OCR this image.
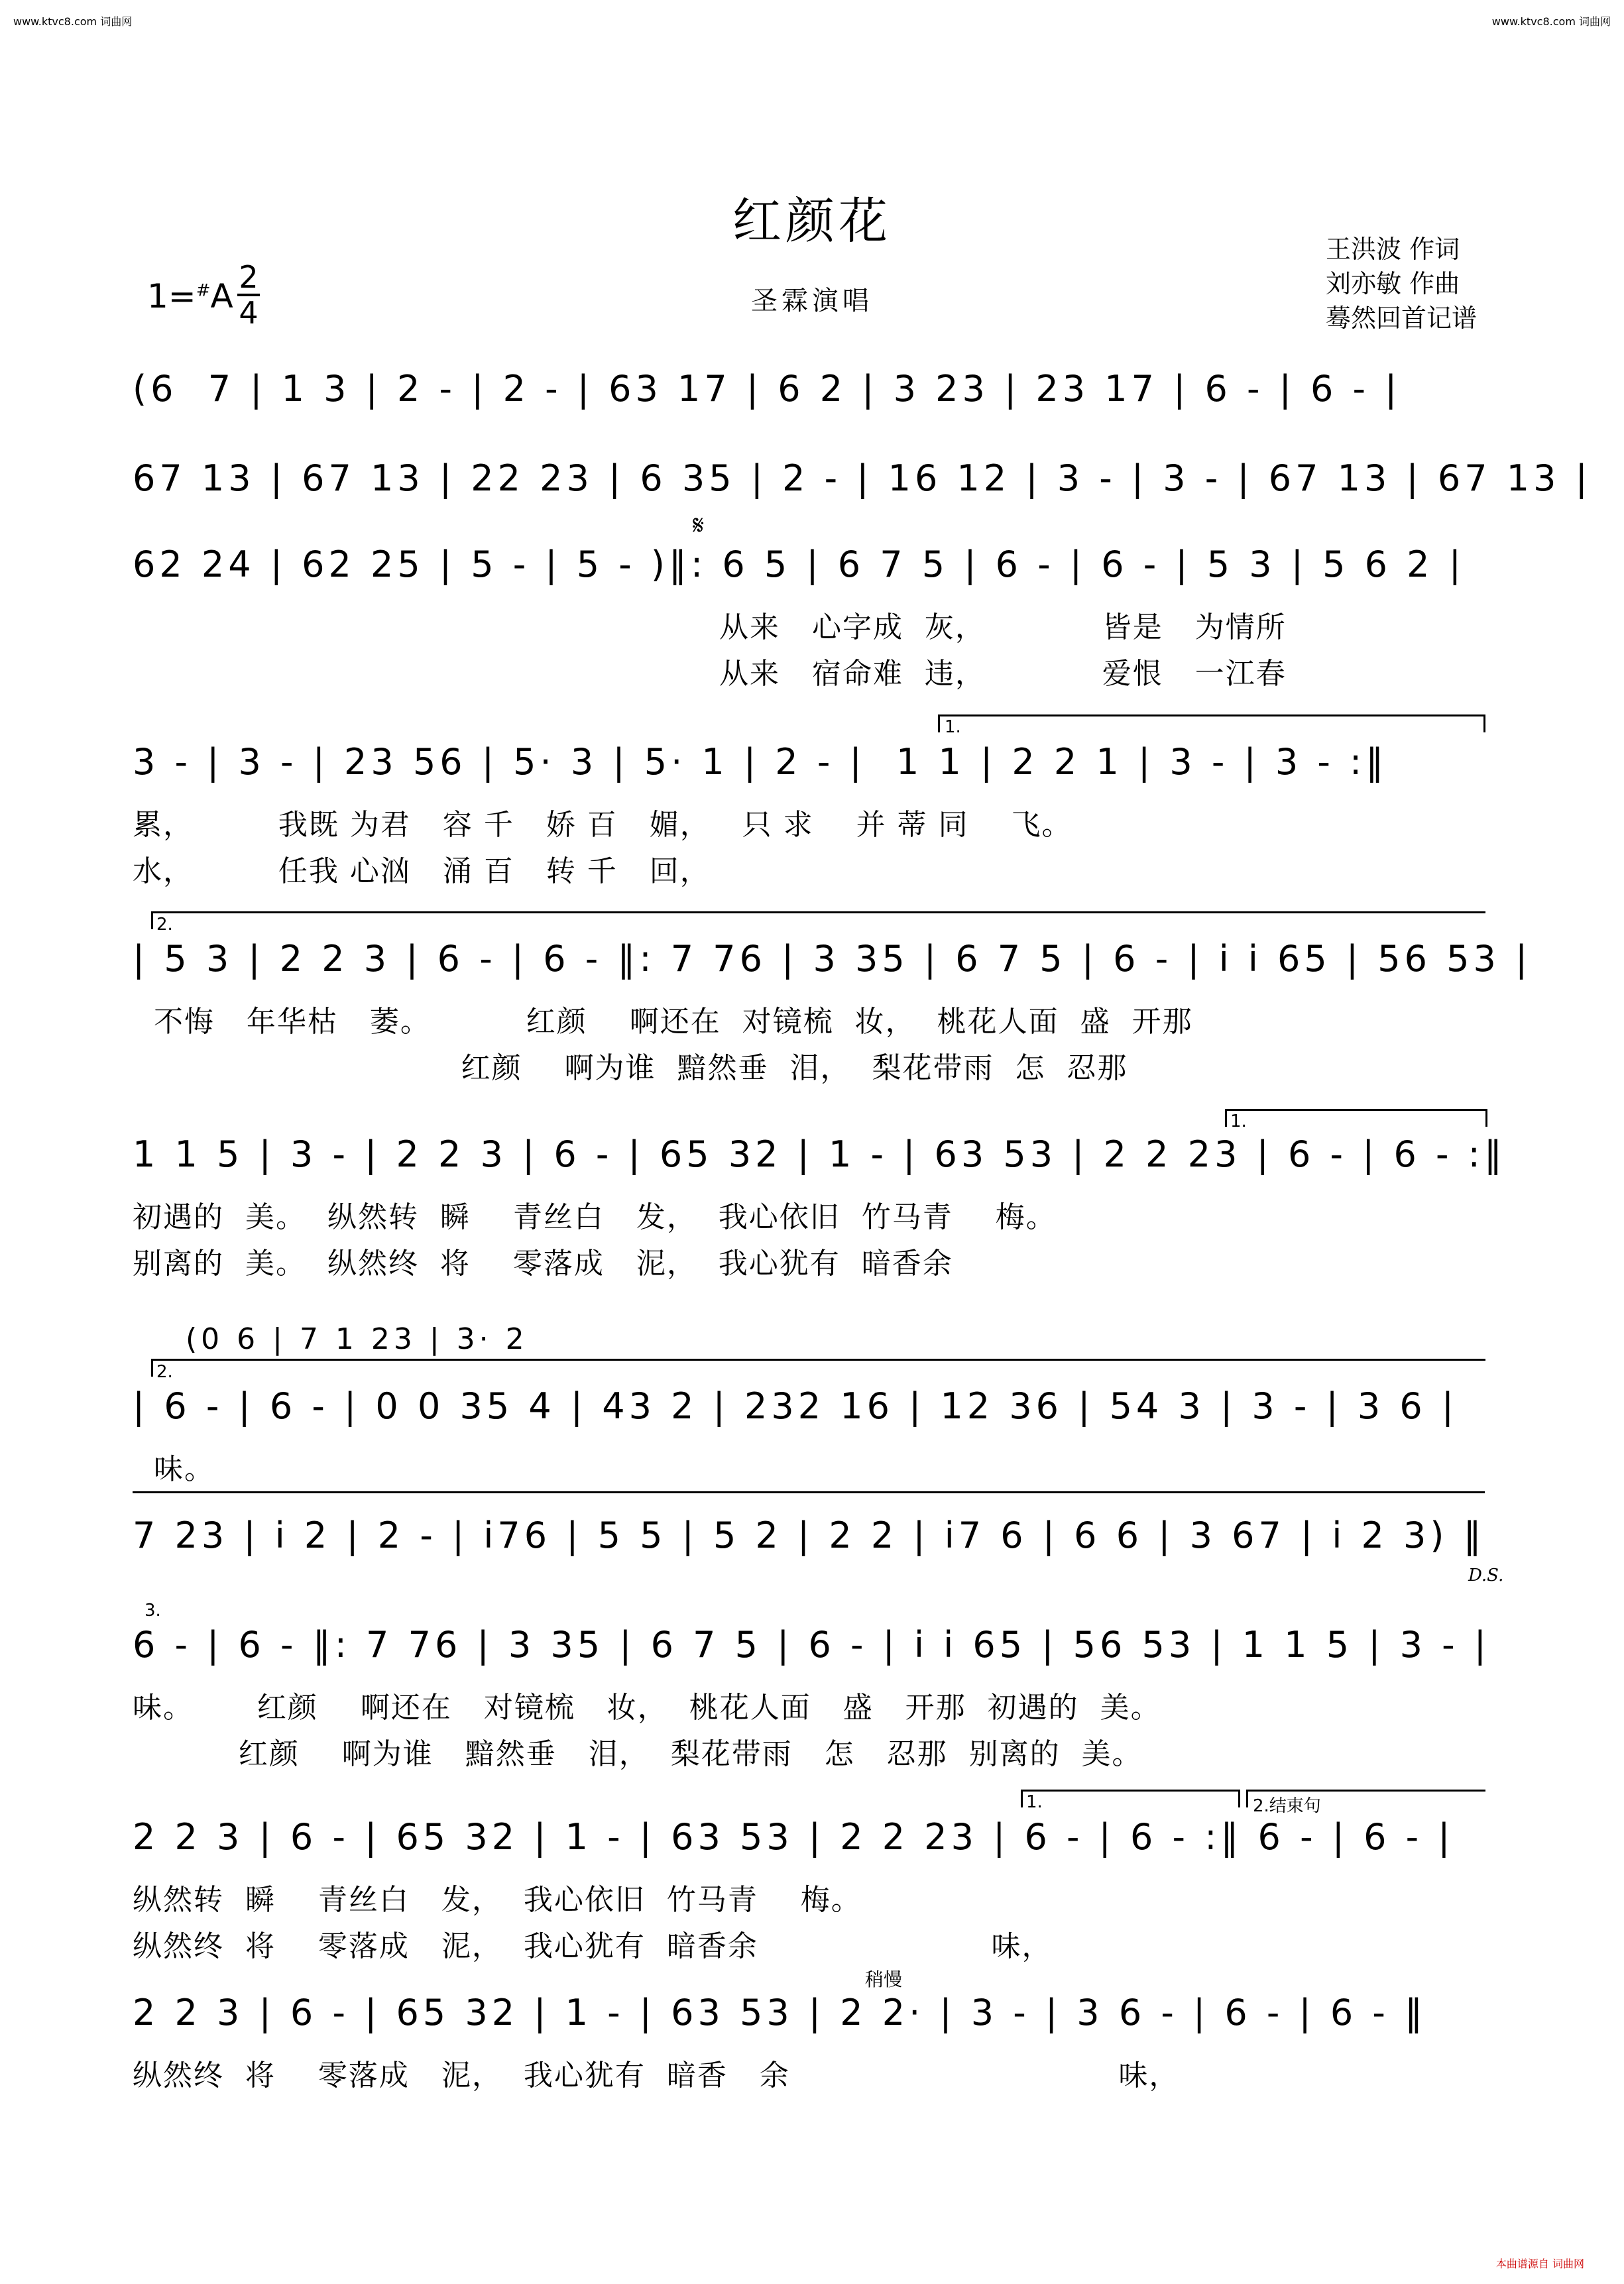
www.ktvc8.com 词曲网	www.ktvc8.com 词曲网
红颜花
圣霖演唱
王洪波 作词
刘亦敏 作曲
蓦然回首记谱
1=#A 2
4
(6  7 | 1 3 | 2 - | 2 - | 63 17 | 6 2 | 3 23 | 23 17 | 6 - | 6 - |
67 13 | 67 13 | 22 23 | 6 35 | 2 - | 16 12 | 3 - | 3 - | 67 13 | 67 13 |
𝄋
62 24 | 62 25 | 5 - | 5 - )‖: 6 5 | 6 7 5 | 6 - | 6 - | 5 3 | 5 6 2 |
从来   心字成  灰，           皆是   为情所
从来   宿命难  违，           爱恨   一江春
1.
3 - | 3 - | 23 56 | 5· 3 | 5· 1 | 2 - |  1 1 | 2 2 1 | 3 - | 3 - :‖
累，        我既 为君   容 千   娇 百   媚，   只 求    并 蒂 同    飞。
水，        任我 心汹   涌 百   转 千   回，
2.
| 5 3 | 2 2 3 | 6 - | 6 - ‖: 7 76 | 3 35 | 6 7 5 | 6 - | i i 65 | 56 53 |
不悔   年华枯   萎。         红颜    啊还在  对镜梳  妆，  桃花人面  盛  开那
红颜    啊为谁  黯然垂  泪，  梨花带雨  怎  忍那
1.
1 1 5 | 3 - | 2 2 3 | 6 - | 65 32 | 1 - | 63 53 | 2 2 23 | 6 - | 6 - :‖
初遇的  美。  纵然转  瞬    青丝白   发，  我心依旧  竹马青    梅。
别离的  美。  纵然终  将    零落成   泥，  我心犹有  暗香余
(0 6 | 7 1 23 | 3· 2
2.
| 6 - | 6 - | 0 0 35 4 | 43 2 | 232 16 | 12 36 | 54 3 | 3 - | 3 6 |
味。
7 23 | i 2 | 2 - | i76 | 5 5 | 5 2 | 2 2 | i7 6 | 6 6 | 3 67 | i 2 3) ‖
D.S.
3.
6 - | 6 - ‖: 7 76 | 3 35 | 6 7 5 | 6 - | i i 65 | 56 53 | 1 1 5 | 3 - |
味。      红颜    啊还在   对镜梳   妆，  桃花人面   盛   开那  初遇的  美。
红颜    啊为谁   黯然垂   泪，  梨花带雨   怎   忍那  别离的  美。
1.	2.结束句
2 2 3 | 6 - | 65 32 | 1 - | 63 53 | 2 2 23 | 6 - | 6 - :‖ 6 - | 6 - |
纵然转  瞬    青丝白   发，  我心依旧  竹马青    梅。
纵然终  将    零落成   泥，  我心犹有  暗香余                      味，
稍慢
2 2 3 | 6 - | 65 32 | 1 - | 63 53 | 2 2· | 3 - | 3 6 - | 6 - | 6 - ‖
纵然终  将    零落成   泥，  我心犹有  暗香   余                               味，
本曲谱源自 词曲网
